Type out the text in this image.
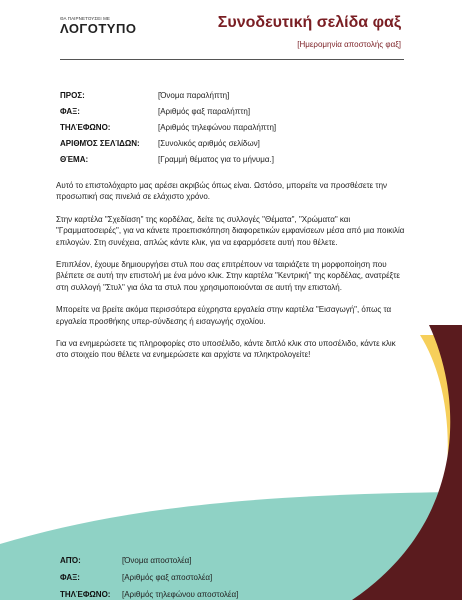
ΘΑ ΠΑΙΡΝΕΤΟΥΣΕΙ ΜΕ
ΛΟΓΟΤΥΠΟ	Συνοδευτική σελίδα φαξ
[Ημερομηνία αποστολής φαξ]
ΠΡΟΣ:	[Όνομα παραλήπτη]
ΦΑΞ:	[Αριθμός φαξ παραλήπτη]
ΤΗΛΈΦΩΝΟ:	[Αριθμός τηλεφώνου παραλήπτη]
ΑΡΙΘΜΌΣ ΣΕΛΊΔΩΝ:	[Συνολικός αριθμός σελίδων]
ΘΈΜΑ:	[Γραμμή θέματος για το μήνυμα.]

Αυτό το επιστολόχαρτο μας αρέσει ακριβώς όπως είναι. Ωστόσο, μπορείτε να προσθέσετε την προσωπική σας πινελιά σε ελάχιστο χρόνο.

Στην καρτέλα "Σχεδίαση" της κορδέλας, δείτε τις συλλογές "Θέματα", "Χρώματα" και "Γραμματοσειρές", για να κάνετε προεπισκόπηση διαφορετικών εμφανίσεων μέσα από μια ποικιλία επιλογών. Στη συνέχεια, απλώς κάντε κλικ, για να εφαρμόσετε αυτή που θέλετε.

Επιπλέον, έχουμε δημιουργήσει στυλ που σας επιτρέπουν να ταιριάζετε τη μορφοποίηση που βλέπετε σε αυτή την επιστολή με ένα μόνο κλικ. Στην καρτέλα "Κεντρική" της κορδέλας, ανατρέξτε στη συλλογή "Στυλ" για όλα τα στυλ που χρησιμοποιούνται σε αυτή την επιστολή.

Μπορείτε να βρείτε ακόμα περισσότερα εύχρηστα εργαλεία στην καρτέλα "Εισαγωγή", όπως τα εργαλεία προσθήκης υπερ-σύνδεσης ή εισαγωγής σχολίου.

Για να ενημερώσετε τις πληροφορίες στο υποσέλιδο, κάντε διπλό κλικ στο υποσέλιδο, κάντε κλικ στο στοιχείο που θέλετε να ενημερώσετε και αρχίστε να πληκτρολογείτε!

ΑΠΌ:	[Όνομα αποστολέα]
ΦΑΞ:	[Αριθμός φαξ αποστολέα]
ΤΗΛΈΦΩΝΟ:	[Αριθμός τηλεφώνου αποστολέα]
